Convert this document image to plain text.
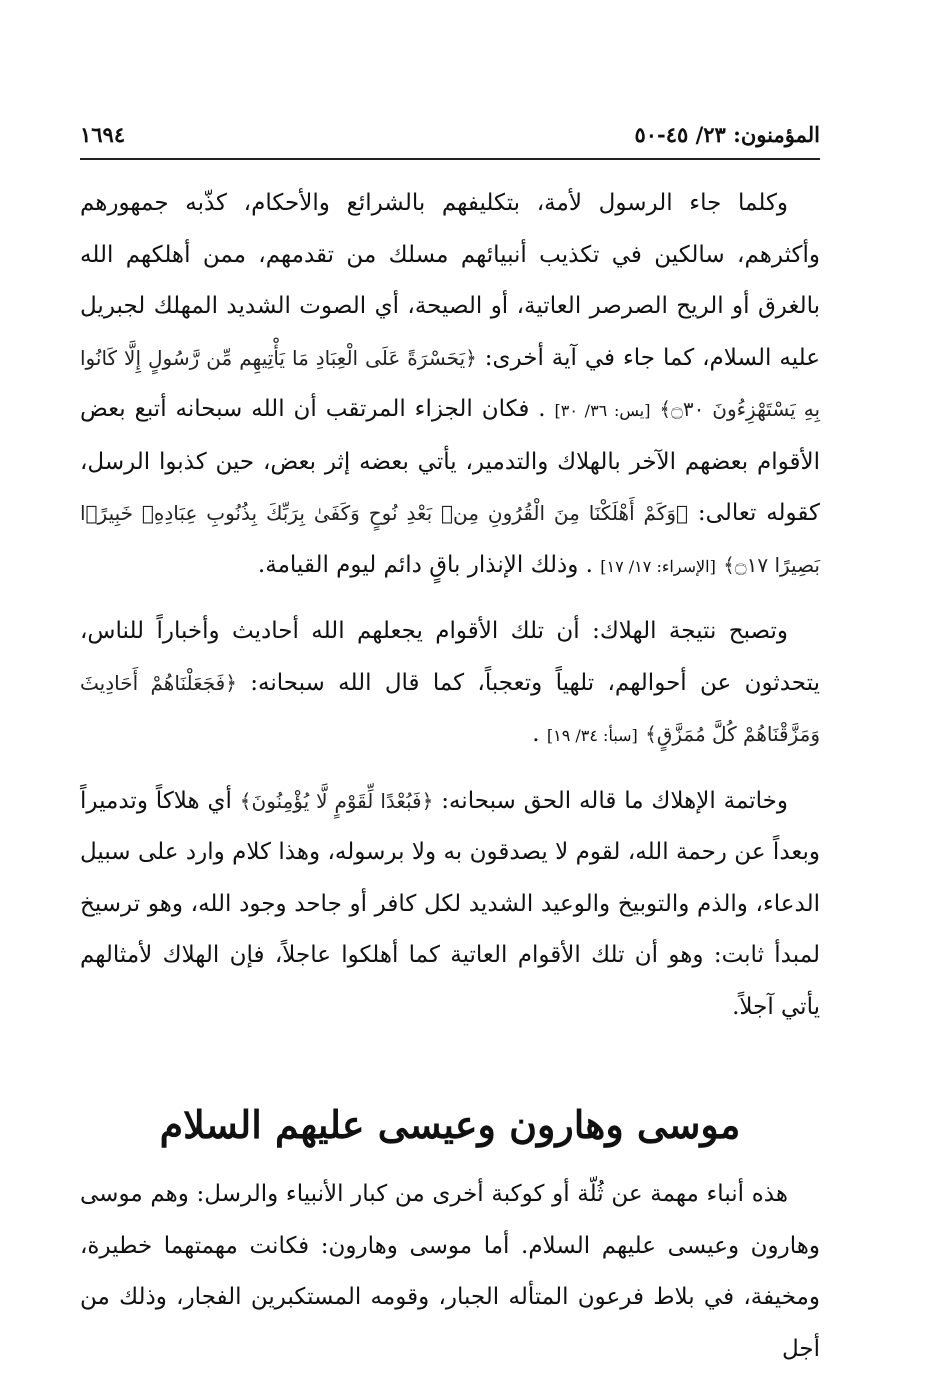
المؤمنون: ٢٣/ ٤٥-٥٠
١٦٩٤

وكلما جاء الرسول لأمة، بتكليفهم بالشرائع والأحكام، كذّبه جمهورهم وأكثرهم، سالكين في تكذيب أنبيائهم مسلك من تقدمهم، ممن أهلكهم الله بالغرق أو الريح الصرصر العاتية، أو الصيحة، أي الصوت الشديد المهلك لجبريل عليه السلام، كما جاء في آية أخرى: ﴿يَحَسْرَةً عَلَى الْعِبَادِ مَا يَأْتِيهِم مِّن رَّسُولٍ إِلَّا كَانُوا بِهِ يَسْتَهْزِءُونَ ۝٣٠﴾ [يس: ٣٦/ ٣٠] . فكان الجزاء المرتقب أن الله سبحانه أتبع بعض الأقوام بعضهم الآخر بالهلاك والتدمير، يأتي بعضه إثر بعض، حين كذبوا الرسل، كقوله تعالى: ﴿وَكَمْ أَهْلَكْنَا مِنَ الْقُرُونِ مِنۢ بَعْدِ نُوحٍ وَكَفَىٰ بِرَبِّكَ بِذُنُوبِ عِبَادِهِۦ خَبِيرًۢا بَصِيرًا ۝١٧﴾ [الإسراء: ١٧/ ١٧] . وذلك الإنذار باقٍ دائم ليوم القيامة.

وتصبح نتيجة الهلاك: أن تلك الأقوام يجعلهم الله أحاديث وأخباراً للناس، يتحدثون عن أحوالهم، تلهياً وتعجباً، كما قال الله سبحانه: ﴿فَجَعَلْنَاهُمْ أَحَادِيثَ وَمَزَّقْنَاهُمْ كُلَّ مُمَزَّقٍ﴾ [سبأ: ٣٤/ ١٩] .

وخاتمة الإهلاك ما قاله الحق سبحانه: ﴿فَبُعْدًا لِّقَوْمٍ لَّا يُؤْمِنُونَ﴾ أي هلاكاً وتدميراً وبعداً عن رحمة الله، لقوم لا يصدقون به ولا برسوله، وهذا كلام وارد على سبيل الدعاء، والذم والتوبيخ والوعيد الشديد لكل كافر أو جاحد وجود الله، وهو ترسيخ لمبدأ ثابت: وهو أن تلك الأقوام العاتية كما أهلكوا عاجلاً، فإن الهلاك لأمثالهم يأتي آجلاً.

موسى وهارون وعيسى عليهم السلام

هذه أنباء مهمة عن ثُلّة أو كوكبة أخرى من كبار الأنبياء والرسل: وهم موسى وهارون وعيسى عليهم السلام. أما موسى وهارون: فكانت مهمتهما خطيرة، ومخيفة، في بلاط فرعون المتأله الجبار، وقومه المستكبرين الفجار، وذلك من أجل
